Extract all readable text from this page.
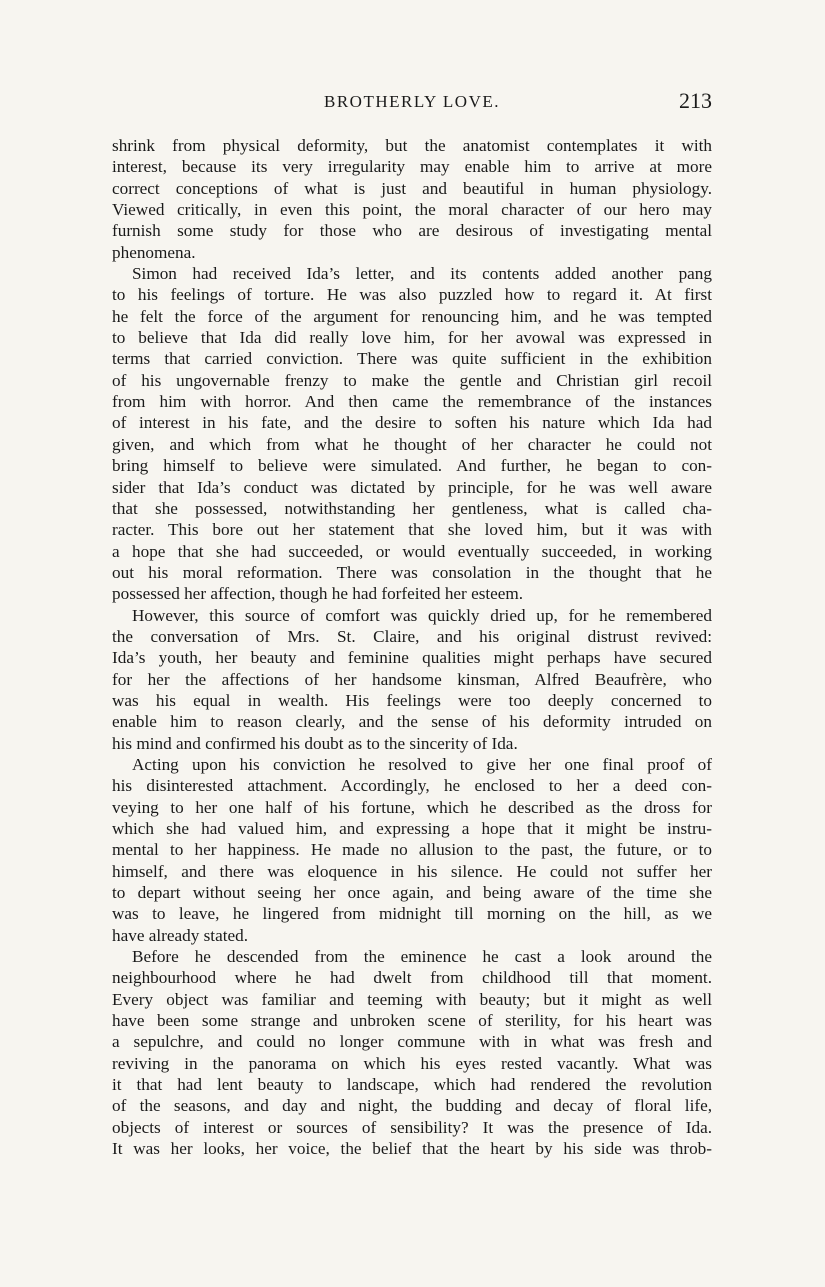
BROTHERLY LOVE.	213
shrink from physical deformity, but the anatomist contemplates it with
interest, because its very irregularity may enable him to arrive at more
correct conceptions of what is just and beautiful in human physiology.
Viewed critically, in even this point, the moral character of our hero may
furnish some study for those who are desirous of investigating mental
phenomena.
Simon had received Ida’s letter, and its contents added another pang
to his feelings of torture. He was also puzzled how to regard it. At first
he felt the force of the argument for renouncing him, and he was tempted
to believe that Ida did really love him, for her avowal was expressed in
terms that carried conviction. There was quite sufficient in the exhibition
of his ungovernable frenzy to make the gentle and Christian girl recoil
from him with horror. And then came the remembrance of the instances
of interest in his fate, and the desire to soften his nature which Ida had
given, and which from what he thought of her character he could not
bring himself to believe were simulated. And further, he began to con-
sider that Ida’s conduct was dictated by principle, for he was well aware
that she possessed, notwithstanding her gentleness, what is called cha-
racter. This bore out her statement that she loved him, but it was with
a hope that she had succeeded, or would eventually succeeded, in working
out his moral reformation. There was consolation in the thought that he
possessed her affection, though he had forfeited her esteem.
However, this source of comfort was quickly dried up, for he remembered
the conversation of Mrs. St. Claire, and his original distrust revived:
Ida’s youth, her beauty and feminine qualities might perhaps have secured
for her the affections of her handsome kinsman, Alfred Beaufrère, who
was his equal in wealth. His feelings were too deeply concerned to
enable him to reason clearly, and the sense of his deformity intruded on
his mind and confirmed his doubt as to the sincerity of Ida.
Acting upon his conviction he resolved to give her one final proof of
his disinterested attachment. Accordingly, he enclosed to her a deed con-
veying to her one half of his fortune, which he described as the dross for
which she had valued him, and expressing a hope that it might be instru-
mental to her happiness. He made no allusion to the past, the future, or to
himself, and there was eloquence in his silence. He could not suffer her
to depart without seeing her once again, and being aware of the time she
was to leave, he lingered from midnight till morning on the hill, as we
have already stated.
Before he descended from the eminence he cast a look around the
neighbourhood where he had dwelt from childhood till that moment.
Every object was familiar and teeming with beauty; but it might as well
have been some strange and unbroken scene of sterility, for his heart was
a sepulchre, and could no longer commune with in what was fresh and
reviving in the panorama on which his eyes rested vacantly. What was
it that had lent beauty to landscape, which had rendered the revolution
of the seasons, and day and night, the budding and decay of floral life,
objects of interest or sources of sensibility? It was the presence of Ida.
It was her looks, her voice, the belief that the heart by his side was throb-
